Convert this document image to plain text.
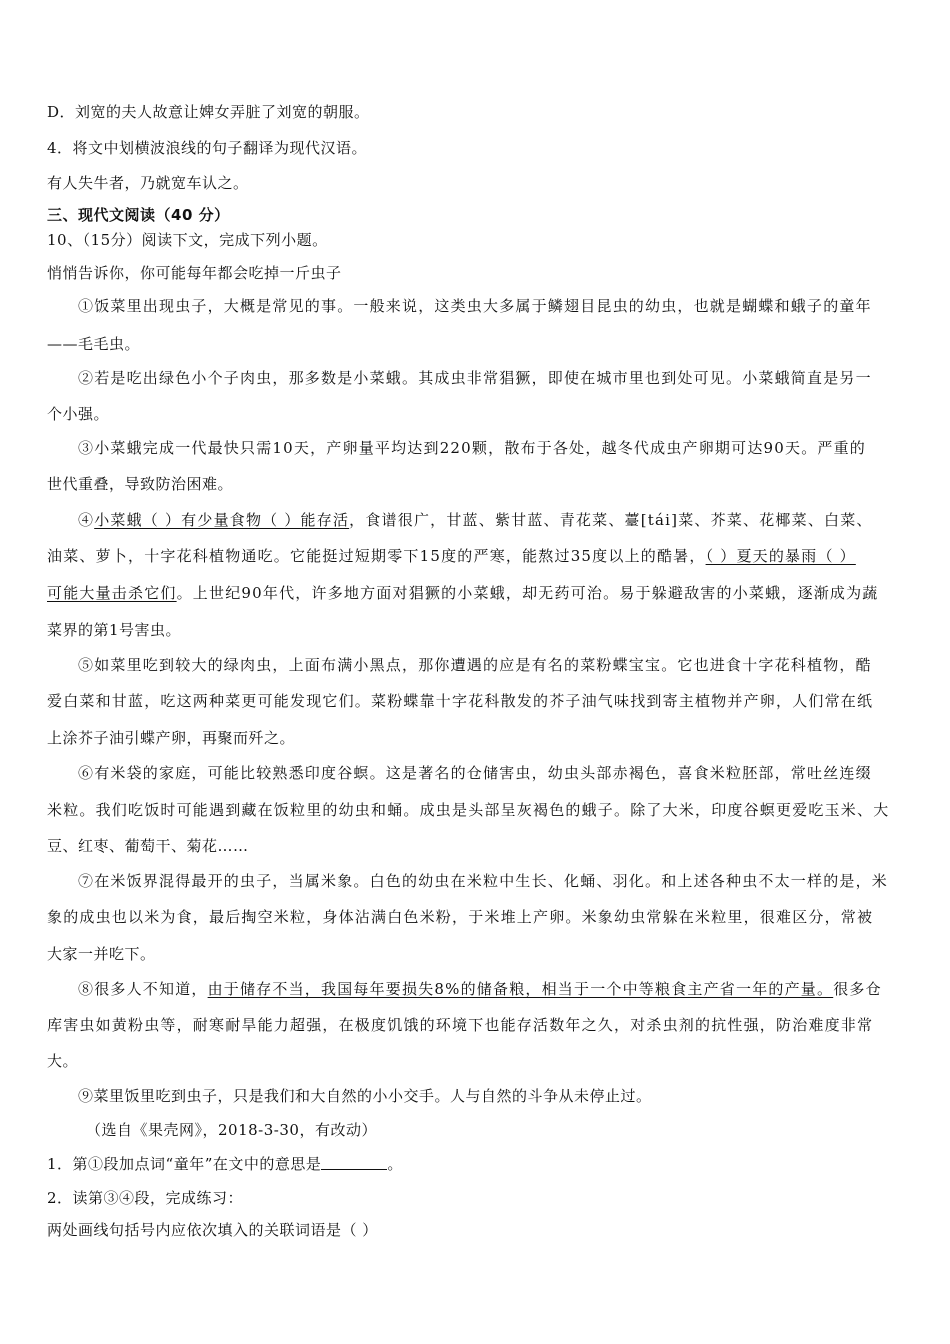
D．刘宽的夫人故意让婢女弄脏了刘宽的朝服。
4．将文中划横波浪线的句子翻译为现代汉语。
有人失牛者，乃就宽车认之。
三、现代文阅读（40 分）
10、（15分）阅读下文，完成下列小题。
悄悄告诉你，你可能每年都会吃掉一斤虫子
①饭菜里出现虫子，大概是常见的事。一般来说，这类虫大多属于鳞翅目昆虫的幼虫，也就是蝴蝶和蛾子的童年
——毛毛虫。
②若是吃出绿色小个子肉虫，那多数是小菜蛾。其成虫非常猖獗，即使在城市里也到处可见。小菜蛾简直是另一
个小强。
③小菜蛾完成一代最快只需10天，产卵量平均达到220颗，散布于各处，越冬代成虫产卵期可达90天。严重的
世代重叠，导致防治困难。
④小菜蛾（ ）有少量食物（ ）能存活，食谱很广，甘蓝、紫甘蓝、青花菜、薹[tái]菜、芥菜、花椰菜、白菜、
油菜、萝卜，十字花科植物通吃。它能挺过短期零下15度的严寒，能熬过35度以上的酷暑，（ ）夏天的暴雨（ ）
可能大量击杀它们。上世纪90年代，许多地方面对猖獗的小菜蛾，却无药可治。易于躲避敌害的小菜蛾，逐渐成为蔬
菜界的第1号害虫。
⑤如菜里吃到较大的绿肉虫，上面布满小黑点，那你遭遇的应是有名的菜粉蝶宝宝。它也进食十字花科植物，酷
爱白菜和甘蓝，吃这两种菜更可能发现它们。菜粉蝶靠十字花科散发的芥子油气味找到寄主植物并产卵，人们常在纸
上涂芥子油引蝶产卵，再聚而歼之。
⑥有米袋的家庭，可能比较熟悉印度谷螟。这是著名的仓储害虫，幼虫头部赤褐色，喜食米粒胚部，常吐丝连缀
米粒。我们吃饭时可能遇到藏在饭粒里的幼虫和蛹。成虫是头部呈灰褐色的蛾子。除了大米，印度谷螟更爱吃玉米、大
豆、红枣、葡萄干、菊花……
⑦在米饭界混得最开的虫子，当属米象。白色的幼虫在米粒中生长、化蛹、羽化。和上述各种虫不太一样的是，米
象的成虫也以米为食，最后掏空米粒，身体沾满白色米粉，于米堆上产卵。米象幼虫常躲在米粒里，很难区分，常被
大家一并吃下。
⑧很多人不知道，由于储存不当，我国每年要损失8%的储备粮，相当于一个中等粮食主产省一年的产量。很多仓
库害虫如黄粉虫等，耐寒耐旱能力超强，在极度饥饿的环境下也能存活数年之久，对杀虫剂的抗性强，防治难度非常
大。
⑨菜里饭里吃到虫子，只是我们和大自然的小小交手。人与自然的斗争从未停止过。
（选自《果壳网》，2018-3-30，有改动）
1．第①段加点词“童年”在文中的意思是	。
2．读第③④段，完成练习：
两处画线句括号内应依次填入的关联词语是（ ）
